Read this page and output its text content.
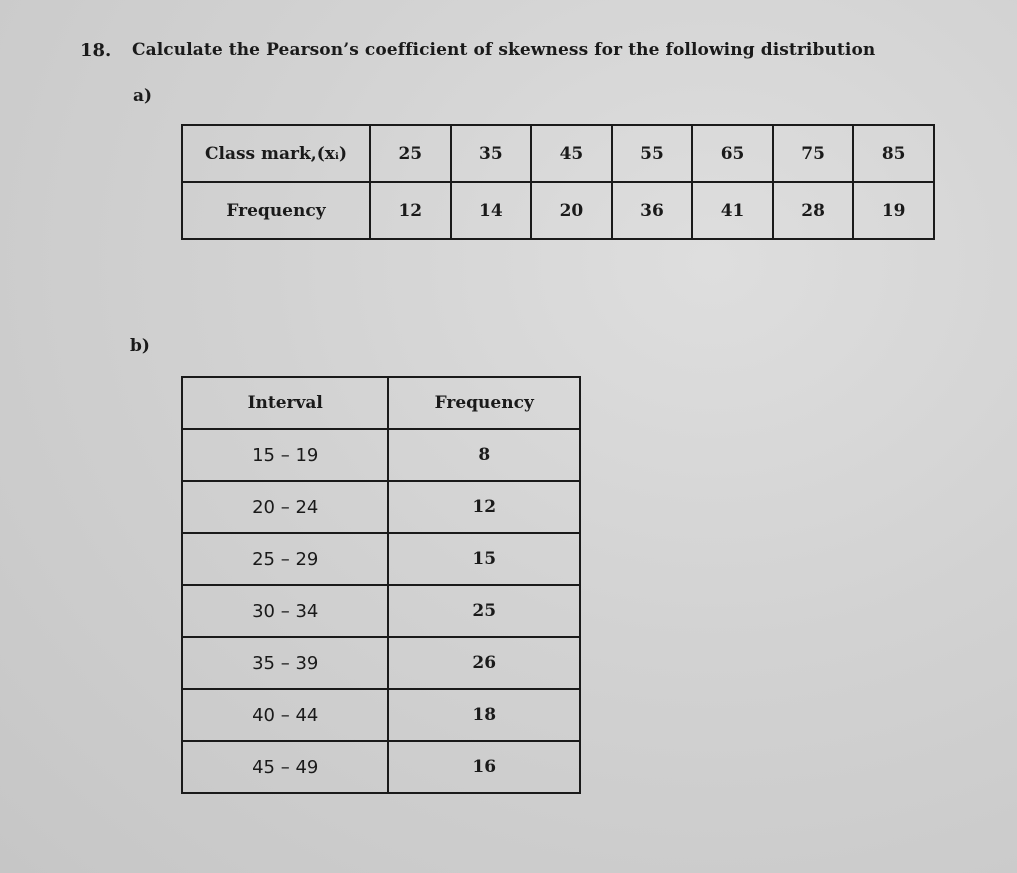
18. Calculate the Pearson’s coefficient of skewness for the following distribution
a)
Class mark,(xᵢ)	25	35	45	55	65	75	85
Frequency	12	14	20	36	41	28	19
b)
Interval	Frequency
15 – 19	8
20 – 24	12
25 – 29	15
30 – 34	25
35 – 39	26
40 – 44	18
45 – 49	16
